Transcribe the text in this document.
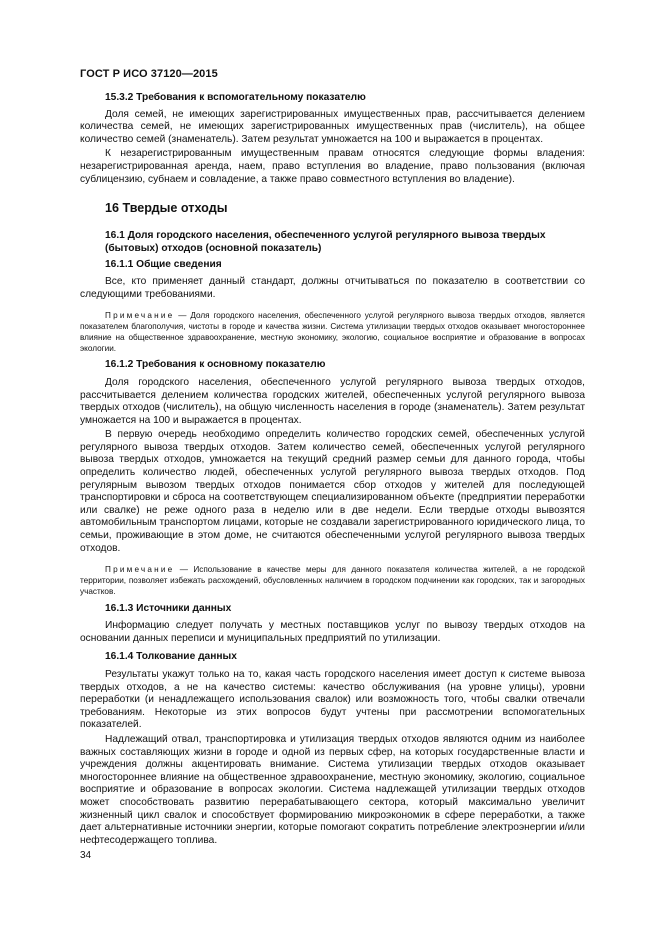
ГОСТ Р ИСО 37120—2015
15.3.2 Требования к вспомогательному показателю

Доля семей, не имеющих зарегистрированных имущественных прав, рассчитывается делением количества семей, не имеющих зарегистрированных имущественных прав (числитель), на общее количество семей (знаменатель). Затем результат умножается на 100 и выражается в процентах.

К незарегистрированным имущественным правам относятся следующие формы владения: незарегистрированная аренда, наем, право вступления во владение, право пользования (включая сублицензию, субнаем и совладение, а также право совместного вступления во владение).

16 Твердые отходы
16.1 Доля городского населения, обеспеченного услугой регулярного вывоза твердых (бытовых) отходов (основной показатель)
16.1.1 Общие сведения

Все, кто применяет данный стандарт, должны отчитываться по показателю в соответствии со следующими требованиями.

Примечание — Доля городского населения, обеспеченного услугой регулярного вывоза твердых отходов, является показателем благополучия, чистоты в городе и качества жизни. Система утилизации твердых отходов оказывает многостороннее влияние на общественное здравоохранение, местную экономику, экологию, социальное восприятие и образование в вопросах экологии.

16.1.2 Требования к основному показателю

Доля городского населения, обеспеченного услугой регулярного вывоза твердых отходов, рассчитывается делением количества городских жителей, обеспеченных услугой регулярного вывоза твердых отходов (числитель), на общую численность населения в городе (знаменатель). Затем результат умножается на 100 и выражается в процентах.

В первую очередь необходимо определить количество городских семей, обеспеченных услугой регулярного вывоза твердых отходов. Затем количество семей, обеспеченных услугой регулярного вывоза твердых отходов, умножается на текущий средний размер семьи для данного города, чтобы определить количество людей, обеспеченных услугой регулярного вывоза твердых отходов. Под регулярным вывозом твердых отходов понимается сбор отходов у жителей для последующей транспортировки и сброса на соответствующем специализированном объекте (предприятии переработки или свалке) не реже одного раза в неделю или в две недели. Если твердые отходы вывозятся автомобильным транспортом лицами, которые не создавали зарегистрированного юридического лица, то семьи, проживающие в этом доме, не считаются обеспеченными услугой регулярного вывоза твердых отходов.

Примечание — Использование в качестве меры для данного показателя количества жителей, а не городской территории, позволяет избежать расхождений, обусловленных наличием в городском подчинении как городских, так и загородных участков.

16.1.3 Источники данных

Информацию следует получать у местных поставщиков услуг по вывозу твердых отходов на основании данных переписи и муниципальных предприятий по утилизации.

16.1.4 Толкование данных

Результаты укажут только на то, какая часть городского населения имеет доступ к системе вывоза твердых отходов, а не на качество системы: качество обслуживания (на уровне улицы), уровни переработки (и ненадлежащего использования свалок) или возможность того, чтобы свалки отвечали требованиям. Некоторые из этих вопросов будут учтены при рассмотрении вспомогательных показателей.

Надлежащий отвал, транспортировка и утилизация твердых отходов являются одним из наиболее важных составляющих жизни в городе и одной из первых сфер, на которых государственные власти и учреждения должны акцентировать внимание. Система утилизации твердых отходов оказывает многостороннее влияние на общественное здравоохранение, местную экономику, экологию, социальное восприятие и образование в вопросах экологии. Система надлежащей утилизации твердых отходов может способствовать развитию перерабатывающего сектора, который максимально увеличит жизненный цикл свалок и способствует формированию микроэкономик в сфере переработки, а также дает альтернативные источники энергии, которые помогают сократить потребление электроэнергии и/или нефтесодержащего топлива.

34
